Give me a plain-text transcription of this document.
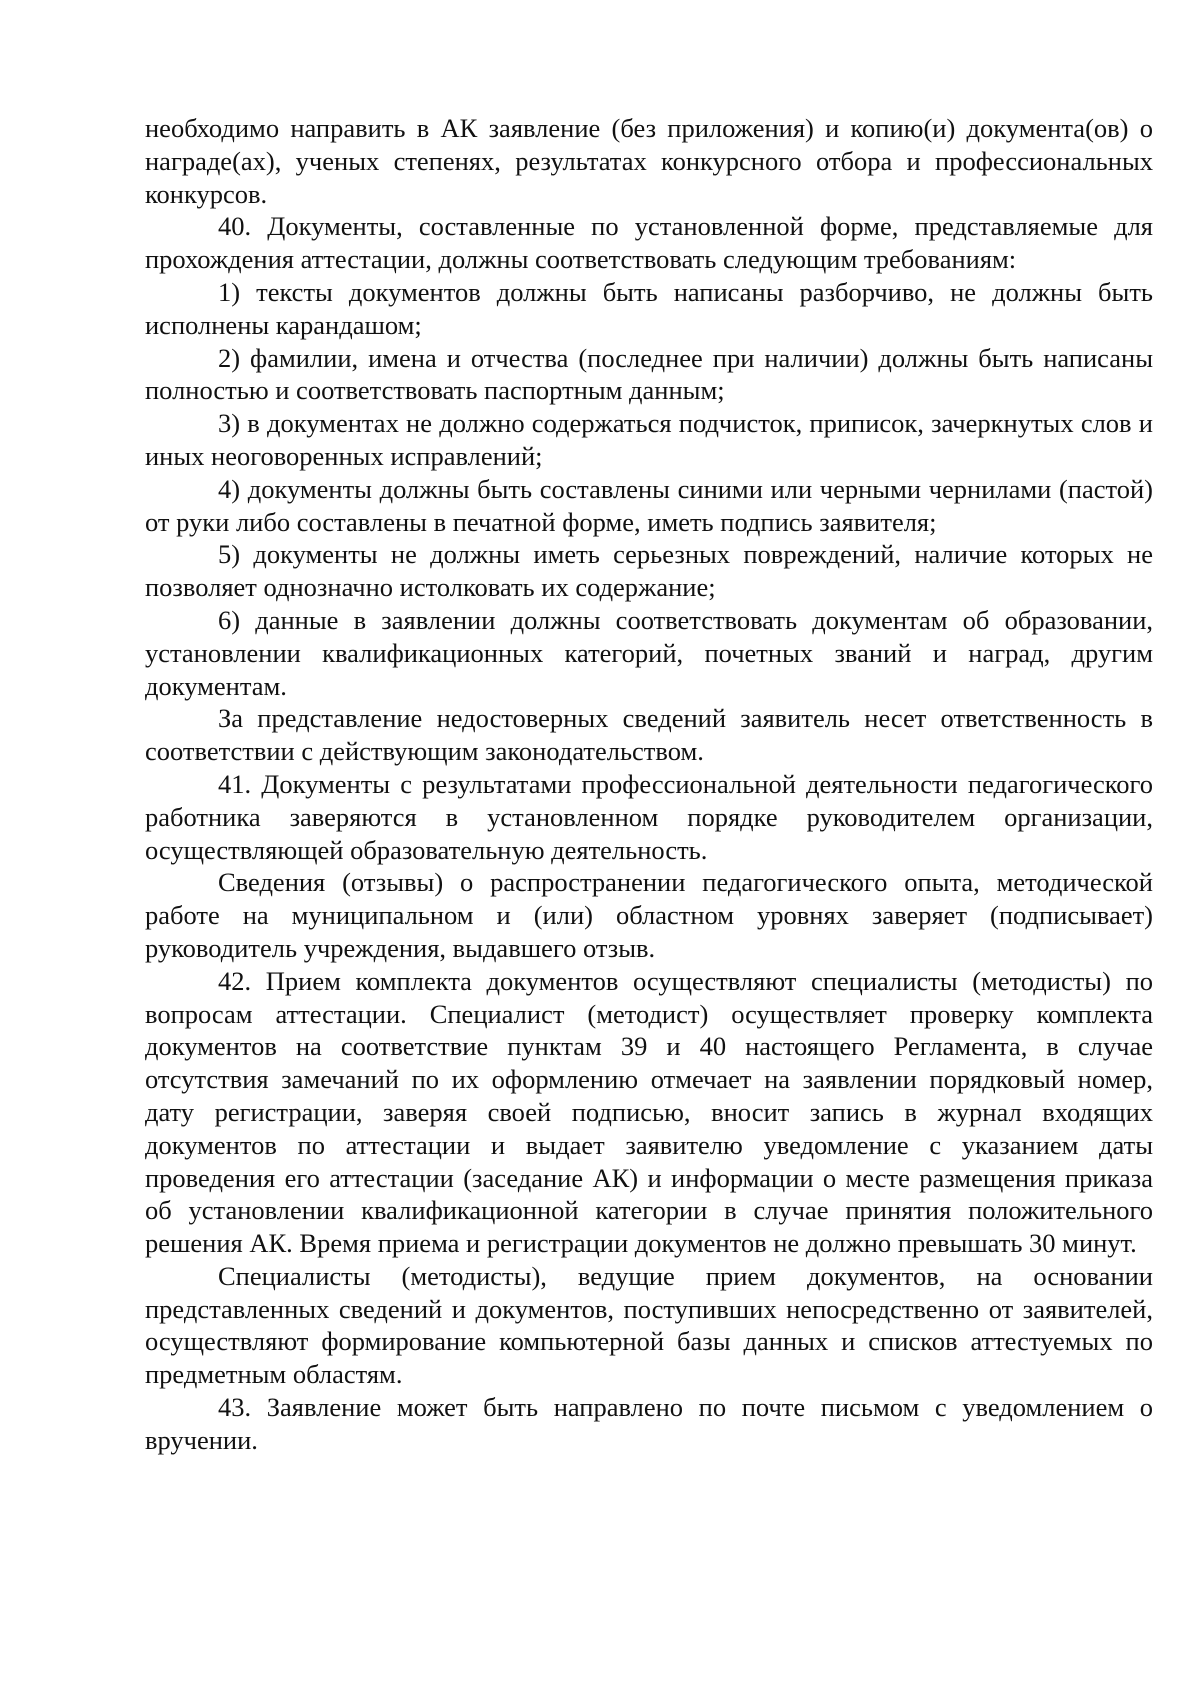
необходимо направить в АК заявление (без приложения) и копию(и) документа(ов) о награде(ах), ученых степенях, результатах конкурсного отбора и профессиональных конкурсов.

40. Документы, составленные по установленной форме, представляемые для прохождения аттестации, должны соответствовать следующим требованиям:

1) тексты документов должны быть написаны разборчиво, не должны быть исполнены карандашом;

2) фамилии, имена и отчества (последнее при наличии) должны быть написаны полностью и соответствовать паспортным данным;

3) в документах не должно содержаться подчисток, приписок, зачеркнутых слов и иных неоговоренных исправлений;

4) документы должны быть составлены синими или черными чернилами (пастой) от руки либо составлены в печатной форме, иметь подпись заявителя;

5) документы не должны иметь серьезных повреждений, наличие которых не позволяет однозначно истолковать их содержание;

6) данные в заявлении должны соответствовать документам об образовании, установлении квалификационных категорий, почетных званий и наград, другим документам.

За представление недостоверных сведений заявитель несет ответственность в соответствии с действующим законодательством.

41. Документы с результатами профессиональной деятельности педагогического работника заверяются в установленном порядке руководителем организации, осуществляющей образовательную деятельность.

Сведения (отзывы) о распространении педагогического опыта, методической работе на муниципальном и (или) областном уровнях заверяет (подписывает) руководитель учреждения, выдавшего отзыв.

42. Прием комплекта документов осуществляют специалисты (методисты) по вопросам аттестации. Специалист (методист) осуществляет проверку комплекта документов на соответствие пунктам 39 и 40 настоящего Регламента, в случае отсутствия замечаний по их оформлению отмечает на заявлении порядковый номер, дату регистрации, заверяя своей подписью, вносит запись в журнал входящих документов по аттестации и выдает заявителю уведомление с указанием даты проведения его аттестации (заседание АК) и информации о месте размещения приказа об установлении квалификационной категории в случае принятия положительного решения АК. Время приема и регистрации документов не должно превышать 30 минут.

Специалисты (методисты), ведущие прием документов, на основании представленных сведений и документов, поступивших непосредственно от заявителей, осуществляют формирование компьютерной базы данных и списков аттестуемых по предметным областям.

43. Заявление может быть направлено по почте письмом с уведомлением о вручении.
